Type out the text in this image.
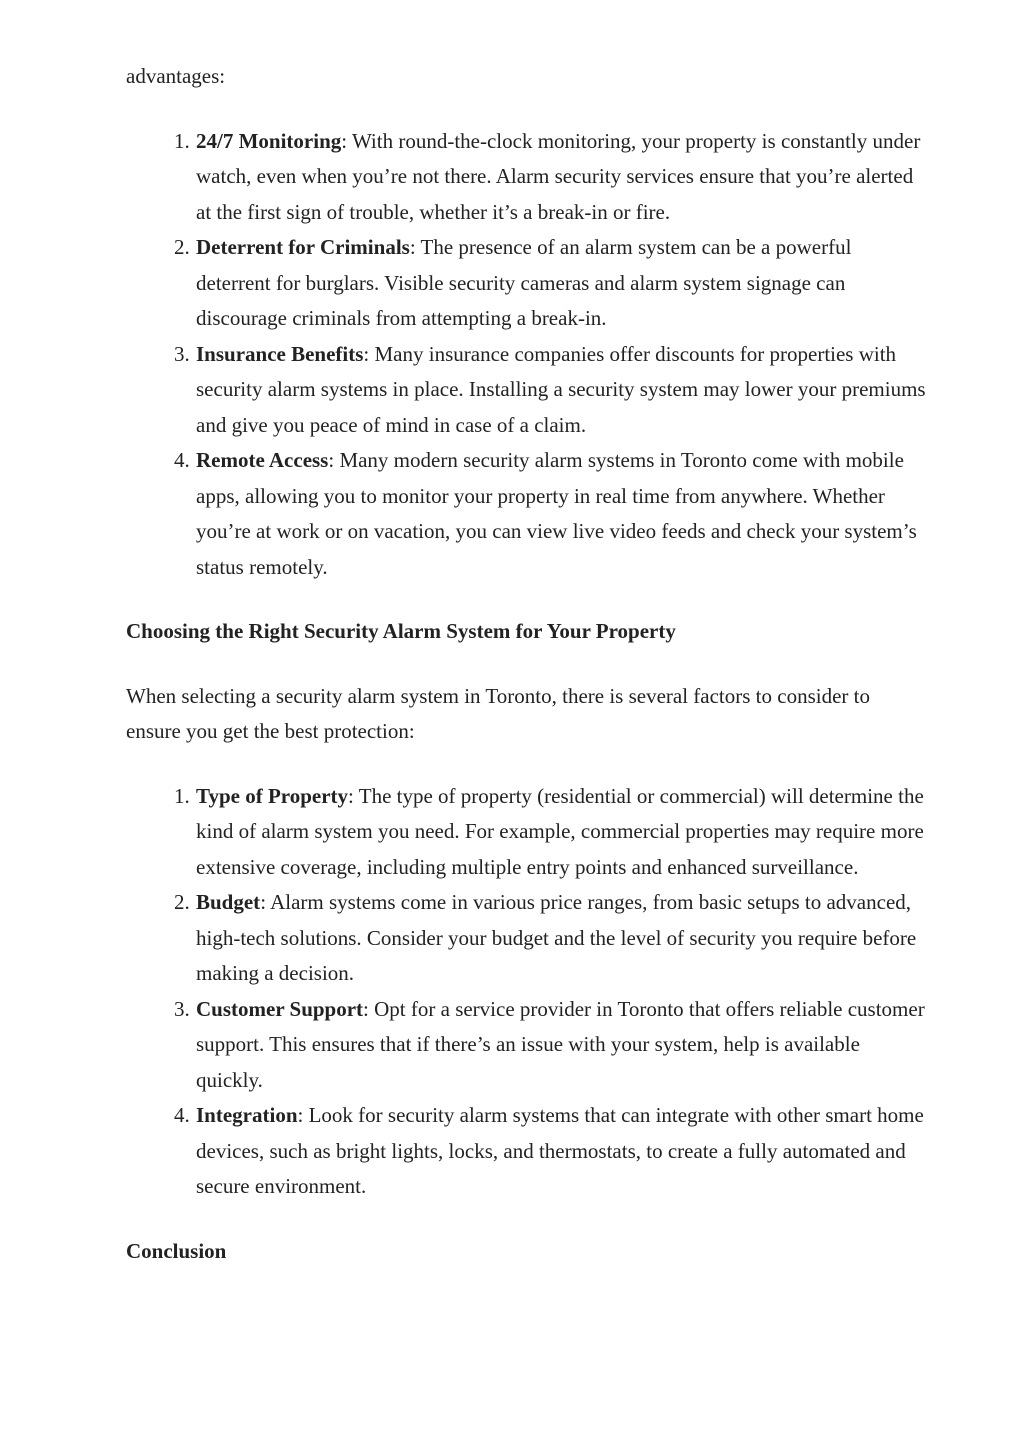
advantages:

1. 24/7 Monitoring: With round-the-clock monitoring, your property is constantly under watch, even when you’re not there. Alarm security services ensure that you’re alerted at the first sign of trouble, whether it’s a break-in or fire.
2. Deterrent for Criminals: The presence of an alarm system can be a powerful deterrent for burglars. Visible security cameras and alarm system signage can discourage criminals from attempting a break-in.
3. Insurance Benefits: Many insurance companies offer discounts for properties with security alarm systems in place. Installing a security system may lower your premiums and give you peace of mind in case of a claim.
4. Remote Access: Many modern security alarm systems in Toronto come with mobile apps, allowing you to monitor your property in real time from anywhere. Whether you’re at work or on vacation, you can view live video feeds and check your system’s status remotely.
Choosing the Right Security Alarm System for Your Property

When selecting a security alarm system in Toronto, there is several factors to consider to ensure you get the best protection:

1. Type of Property: The type of property (residential or commercial) will determine the kind of alarm system you need. For example, commercial properties may require more extensive coverage, including multiple entry points and enhanced surveillance.
2. Budget: Alarm systems come in various price ranges, from basic setups to advanced, high-tech solutions. Consider your budget and the level of security you require before making a decision.
3. Customer Support: Opt for a service provider in Toronto that offers reliable customer support. This ensures that if there’s an issue with your system, help is available quickly.
4. Integration: Look for security alarm systems that can integrate with other smart home devices, such as bright lights, locks, and thermostats, to create a fully automated and secure environment.
Conclusion
